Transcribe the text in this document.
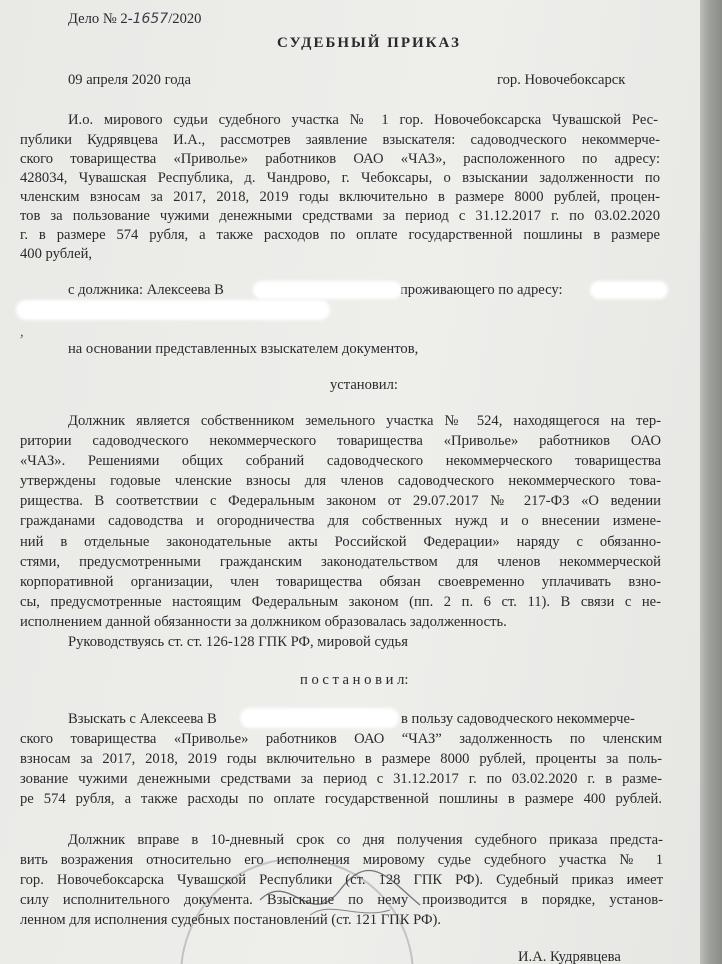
Дело № 2-1657/2020
СУДЕБНЫЙ ПРИКАЗ
09 апреля 2020 года	гор. Новочебоксарск
И.о. мирового судьи судебного участка № 1 гор. Новочебоксарска Чувашской Рес-
публики Кудрявцева И.А., рассмотрев заявление взыскателя: садоводческого некоммерче-
ского товарищества «Приволье» работников ОАО «ЧАЗ», расположенного по адресу:
428034, Чувашская Республика, д. Чандрово, г. Чебоксары, о взыскании задолженности по
членским взносам за 2017, 2018, 2019 годы включительно в размере 8000 рублей, процен-
тов за пользование чужими денежными средствами за период с 31.12.2017 г. по 03.02.2020
г. в размере 574 рубля, а также расходов по оплате государственной пошлины в размере
400 рублей,
с должника: Алексеева В	проживающего по адресу:
,
на основании представленных взыскателем документов,
установил:
Должник является собственником земельного участка № 524, находящегося на тер-
ритории садоводческого некоммерческого товарищества «Приволье» работников ОАО
«ЧАЗ». Решениями общих собраний садоводческого некоммерческого товарищества
утверждены годовые членские взносы для членов садоводческого некоммерческого това-
рищества. В соответствии с Федеральным законом от 29.07.2017 № 217-ФЗ «О ведении
гражданами садоводства и огородничества для собственных нужд и о внесении измене-
ний в отдельные законодательные акты Российской Федерации» наряду с обязанно-
стями, предусмотренными гражданским законодательством для членов некоммерческой
корпоративной организации, член товарищества обязан своевременно уплачивать взно-
сы, предусмотренные настоящим Федеральным законом (пп. 2 п. 6 ст. 11). В связи с не-
исполнением данной обязанности за должником образовалась задолженность.
Руководствуясь ст. ст. 126-128 ГПК РФ, мировой судья
п о с т а н о в и л:
Взыскать с Алексеева В	в пользу садоводческого некоммерче-
ского товарищества «Приволье» работников ОАО “ЧАЗ” задолженность по членским
взносам за 2017, 2018, 2019 годы включительно в размере 8000 рублей, проценты за поль-
зование чужими денежными средствами за период с 31.12.2017 г. по 03.02.2020 г. в разме-
ре 574 рубля, а также расходы по оплате государственной пошлины в размере 400 рублей.
Должник вправе в 10-дневный срок со дня получения судебного приказа предста-
вить возражения относительно его исполнения мировому судье судебного участка № 1
гор. Новочебоксарска Чувашской Республики (ст. 128 ГПК РФ). Судебный приказ имеет
силу исполнительного документа. Взыскание по нему производится в порядке, установ-
ленном для исполнения судебных постановлений (ст. 121 ГПК РФ).
И.А. Кудрявцева
